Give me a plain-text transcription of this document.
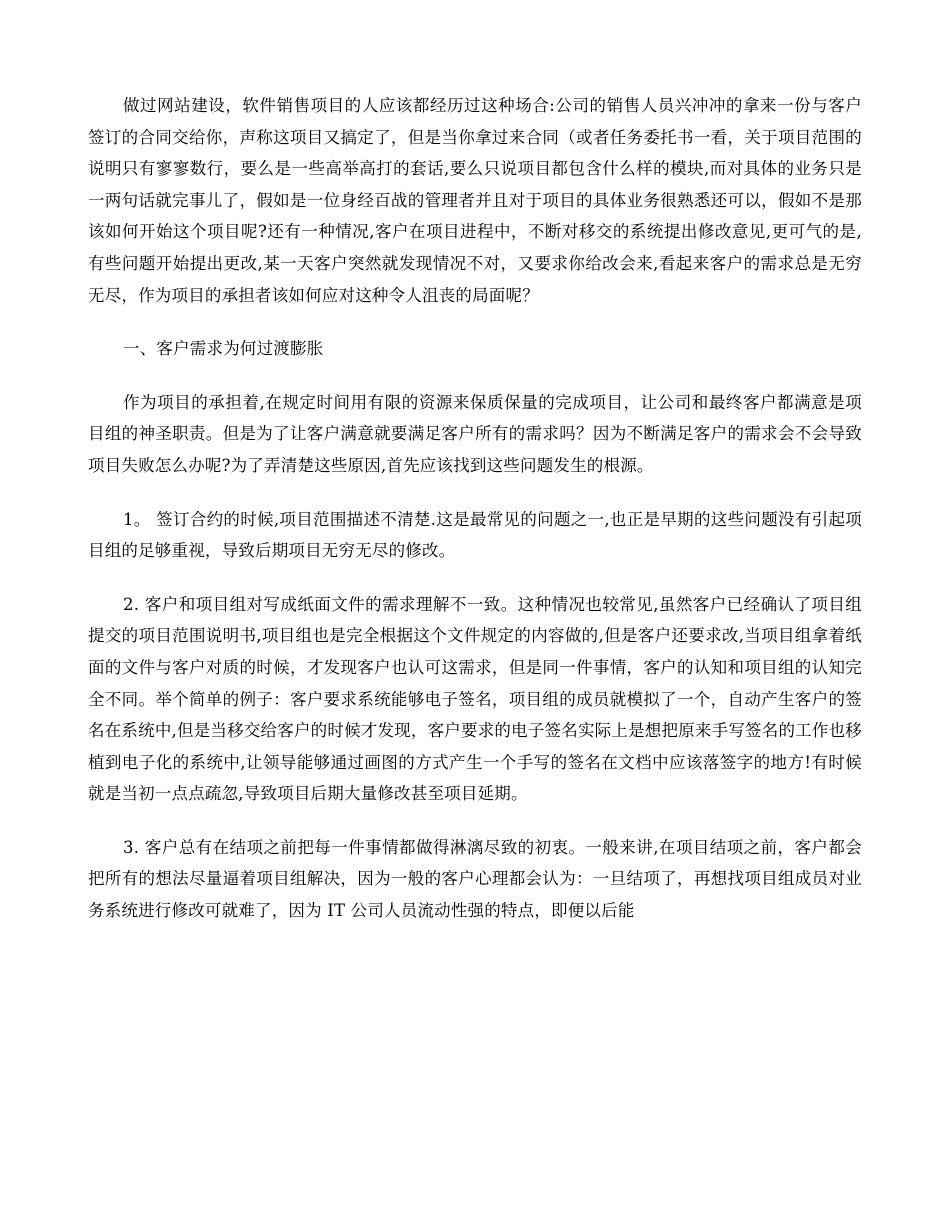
做过网站建设，软件销售项目的人应该都经历过这种场合:公司的销售人员兴冲冲的拿来一份与客户签订的合同交给你，声称这项目又搞定了，但是当你拿过来合同（或者任务委托书一看，关于项目范围的说明只有寥寥数行，要么是一些高举高打的套话,要么只说项目都包含什么样的模块,而对具体的业务只是一两句话就完事儿了，假如是一位身经百战的管理者并且对于项目的具体业务很熟悉还可以，假如不是那该如何开始这个项目呢?还有一种情况,客户在项目进程中，不断对移交的系统提出修改意见,更可气的是,有些问题开始提出更改,某一天客户突然就发现情况不对，又要求你给改会来,看起来客户的需求总是无穷无尽，作为项目的承担者该如何应对这种令人沮丧的局面呢？

一、客户需求为何过渡膨胀

作为项目的承担着,在规定时间用有限的资源来保质保量的完成项目，让公司和最终客户都满意是项目组的神圣职责。但是为了让客户满意就要满足客户所有的需求吗？因为不断满足客户的需求会不会导致项目失败怎么办呢?为了弄清楚这些原因,首先应该找到这些问题发生的根源。

1。 签订合约的时候,项目范围描述不清楚.这是最常见的问题之一,也正是早期的这些问题没有引起项目组的足够重视，导致后期项目无穷无尽的修改。

2. 客户和项目组对写成纸面文件的需求理解不一致。这种情况也较常见,虽然客户已经确认了项目组提交的项目范围说明书,项目组也是完全根据这个文件规定的内容做的,但是客户还要求改,当项目组拿着纸面的文件与客户对质的时候，才发现客户也认可这需求，但是同一件事情，客户的认知和项目组的认知完全不同。举个简单的例子：客户要求系统能够电子签名，项目组的成员就模拟了一个，自动产生客户的签名在系统中,但是当移交给客户的时候才发现，客户要求的电子签名实际上是想把原来手写签名的工作也移植到电子化的系统中,让领导能够通过画图的方式产生一个手写的签名在文档中应该落签字的地方!有时候就是当初一点点疏忽,导致项目后期大量修改甚至项目延期。

3. 客户总有在结项之前把每一件事情都做得淋漓尽致的初衷。一般来讲,在项目结项之前，客户都会把所有的想法尽量逼着项目组解决，因为一般的客户心理都会认为：一旦结项了，再想找项目组成员对业务系统进行修改可就难了，因为 IT 公司人员流动性强的特点，即便以后能
